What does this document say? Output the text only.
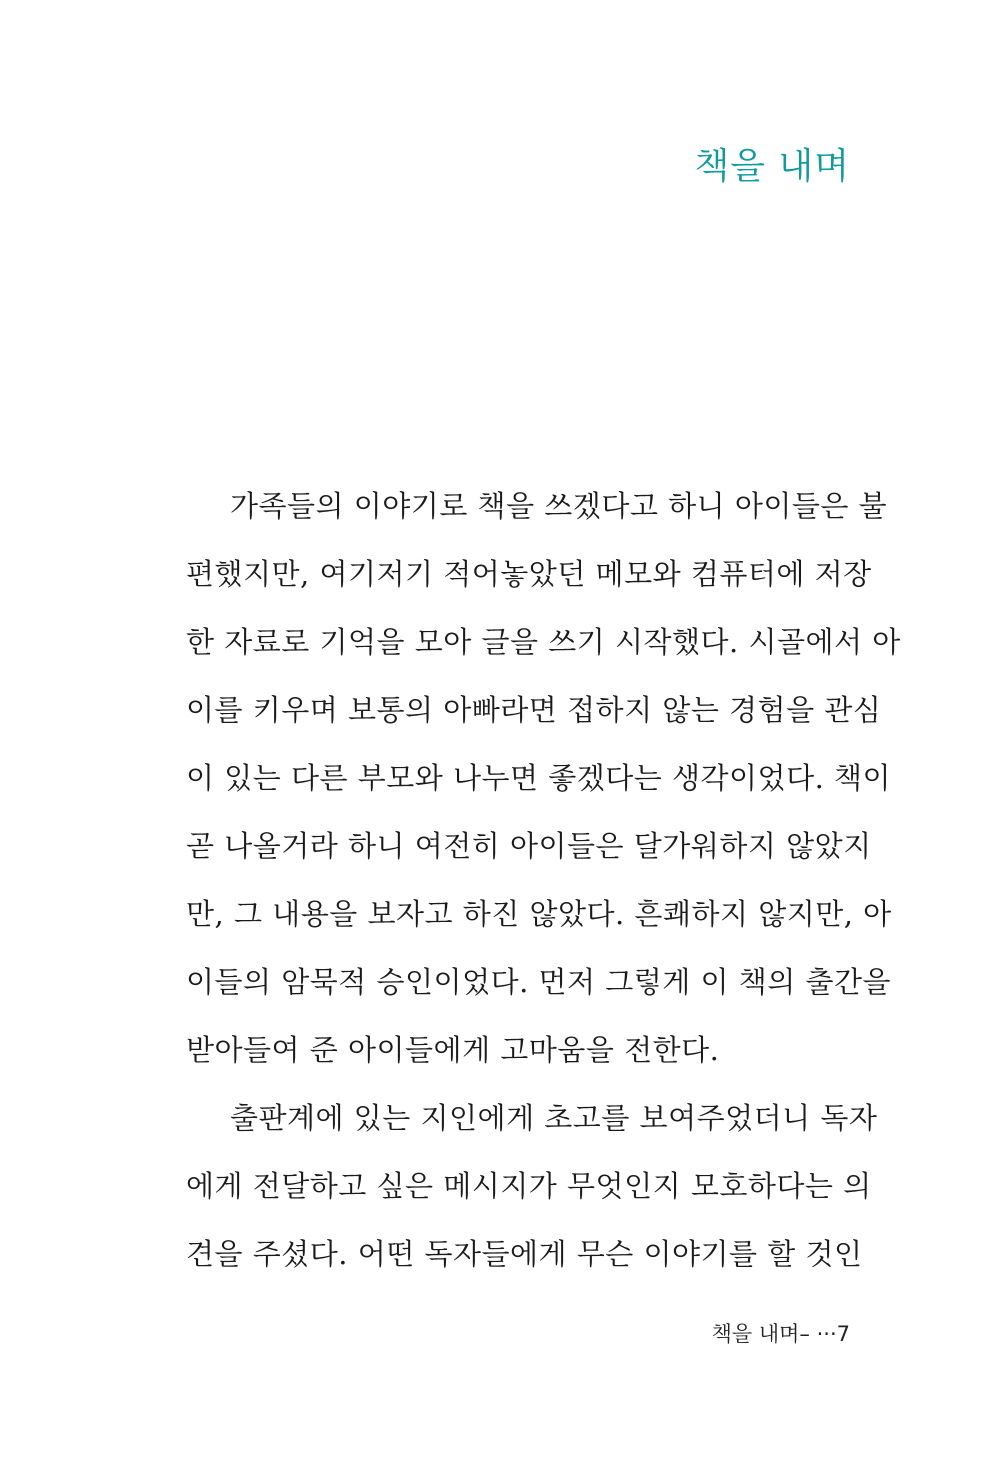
책을 내며
가족들의 이야기로 책을 쓰겠다고 하니 아이들은 불
편했지만, 여기저기 적어놓았던 메모와 컴퓨터에 저장
한 자료로 기억을 모아 글을 쓰기 시작했다. 시골에서 아
이를 키우며 보통의 아빠라면 접하지 않는 경험을 관심
이 있는 다른 부모와 나누면 좋겠다는 생각이었다. 책이
곧 나올거라 하니 여전히 아이들은 달가워하지 않았지
만, 그 내용을 보자고 하진 않았다. 흔쾌하지 않지만, 아
이들의 암묵적 승인이었다. 먼저 그렇게 이 책의 출간을
받아들여 준 아이들에게 고마움을 전한다.
출판계에 있는 지인에게 초고를 보여주었더니 독자
에게 전달하고 싶은 메시지가 무엇인지 모호하다는 의
견을 주셨다. 어떤 독자들에게 무슨 이야기를 할 것인
책을 내며– ···7
